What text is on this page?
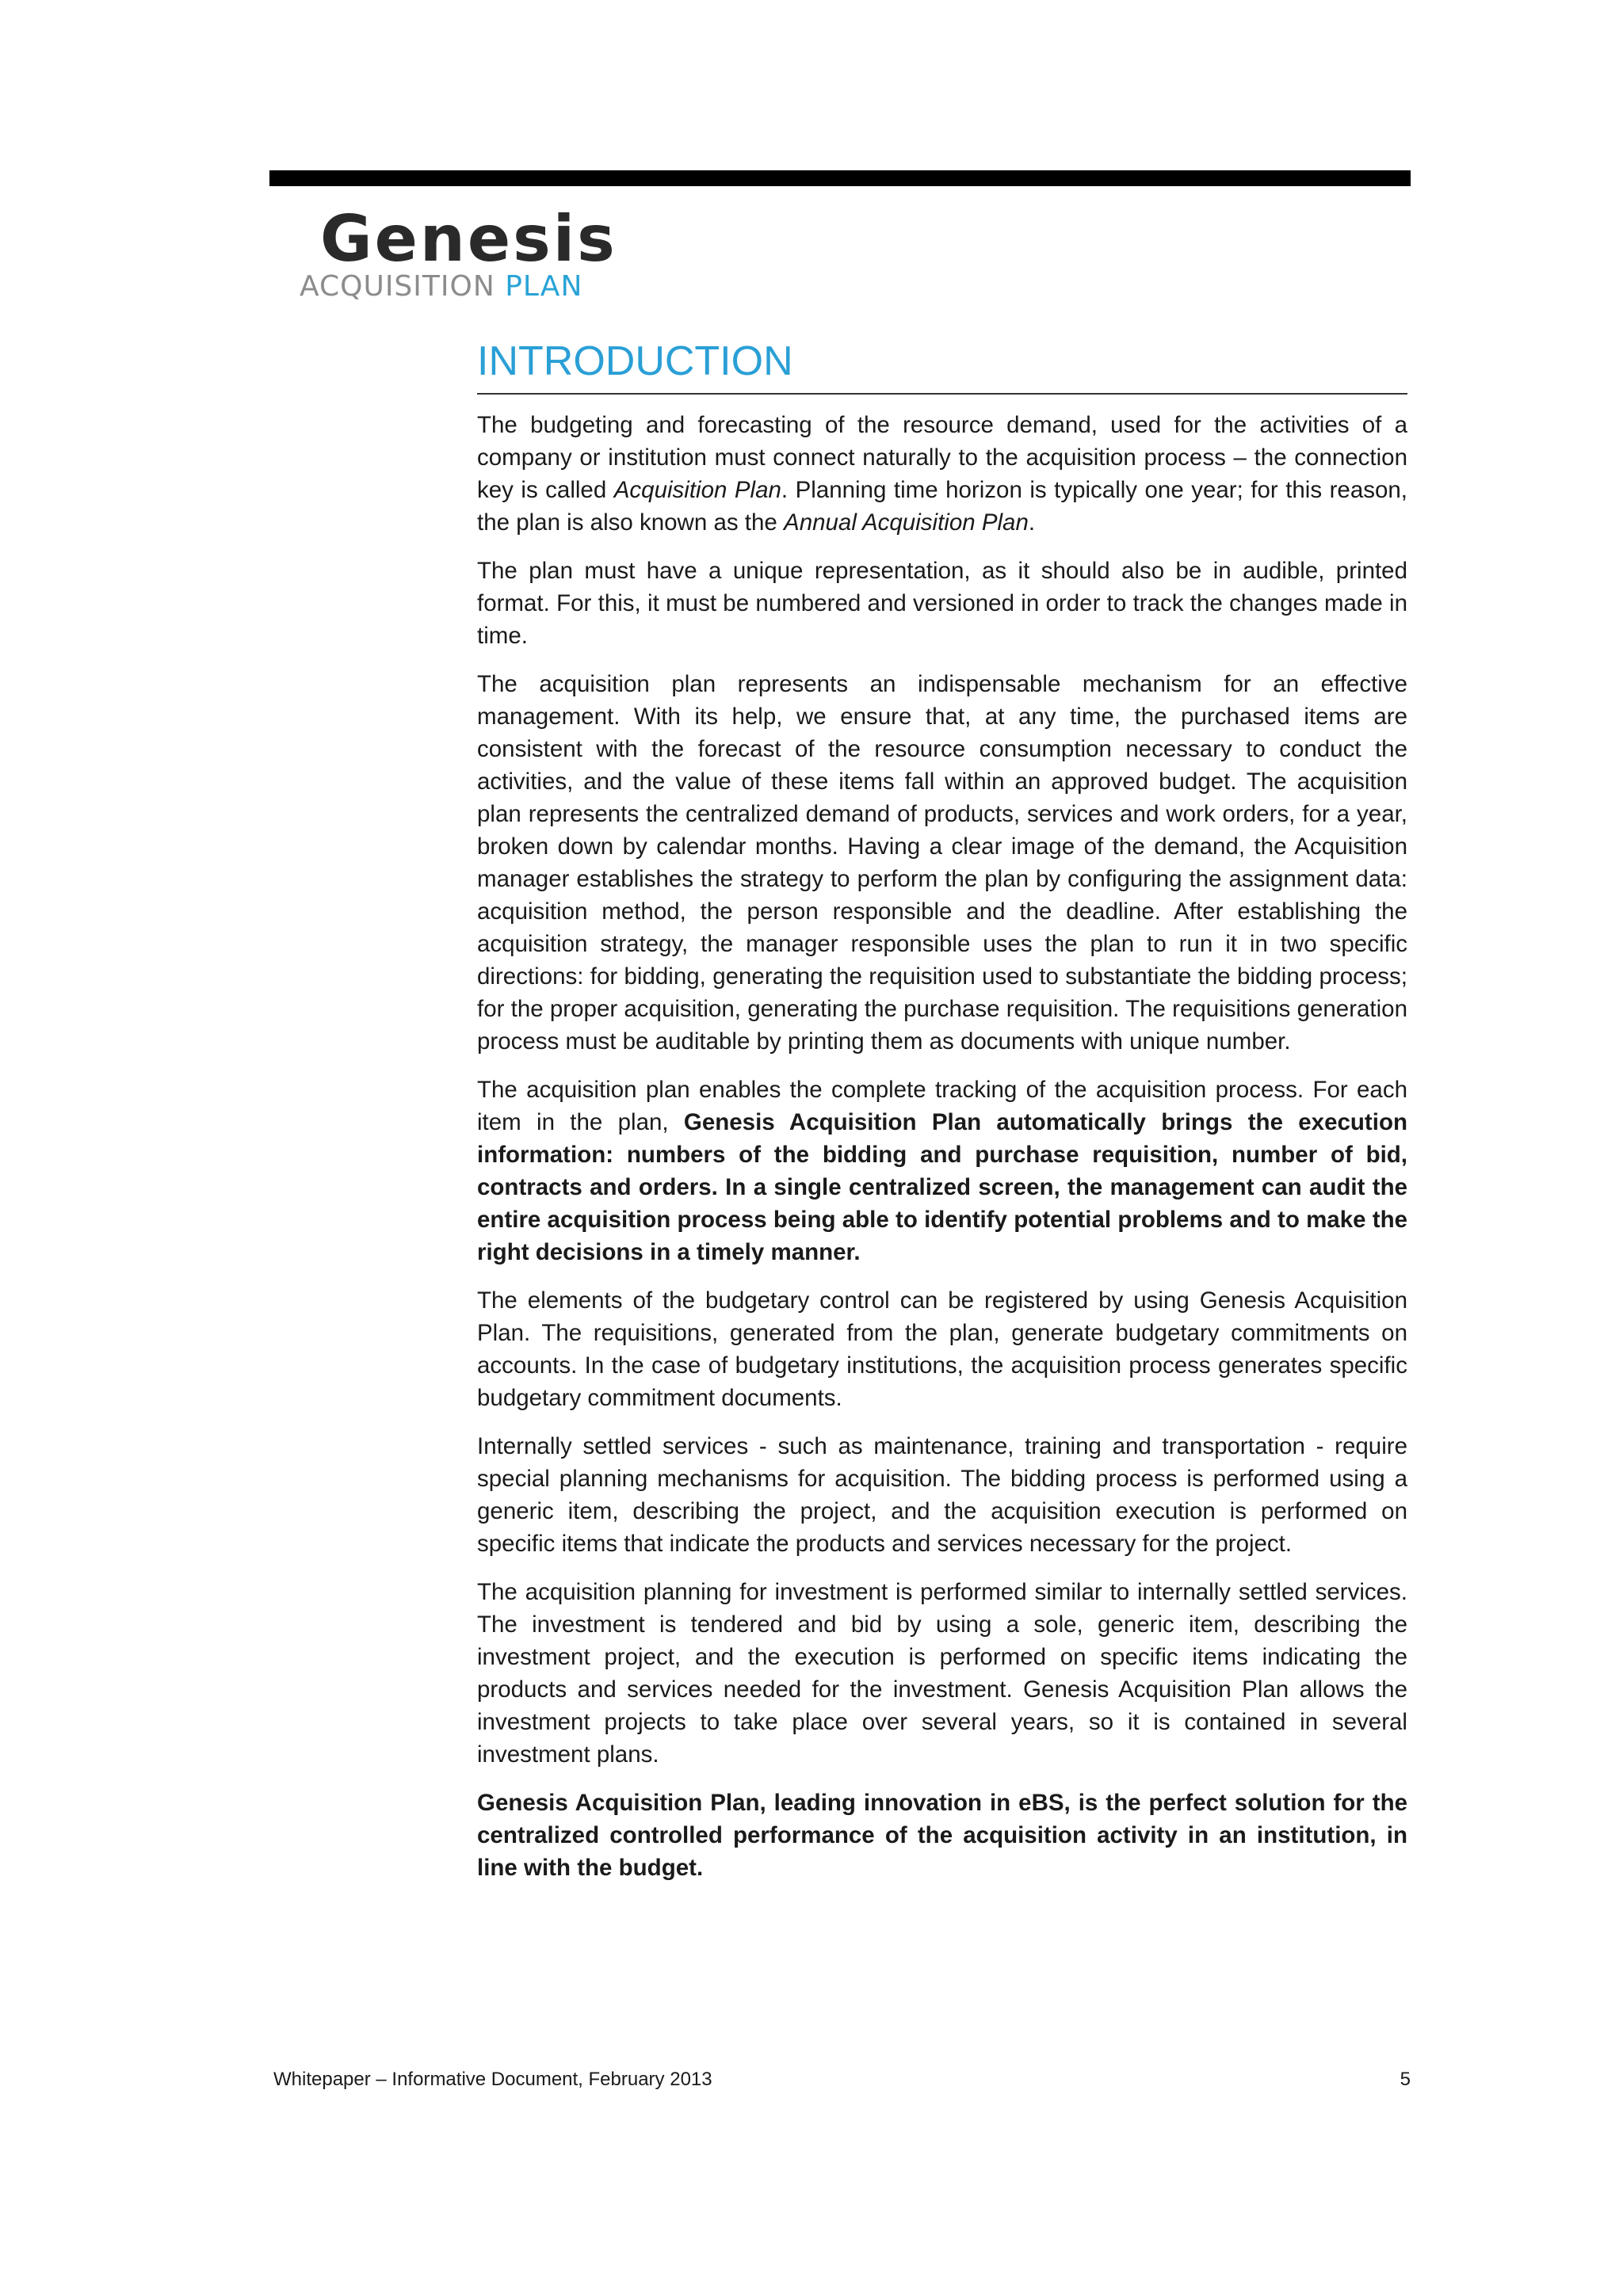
Genesis
ACQUISITION PLAN
INTRODUCTION

The budgeting and forecasting of the resource demand, used for the activities of a company or institution must connect naturally to the acquisition process – the connection key is called Acquisition Plan. Planning time horizon is typically one year; for this reason, the plan is also known as the Annual Acquisition Plan.

The plan must have a unique representation, as it should also be in audible, printed format. For this, it must be numbered and versioned in order to track the changes made in time.

The acquisition plan represents an indispensable mechanism for an effective management. With its help, we ensure that, at any time, the purchased items are consistent with the forecast of the resource consumption necessary to conduct the activities, and the value of these items fall within an approved budget. The acquisition plan represents the centralized demand of products, services and work orders, for a year, broken down by calendar months. Having a clear image of the demand, the Acquisition manager establishes the strategy to perform the plan by configuring the assignment data: acquisition method, the person responsible and the deadline. After establishing the acquisition strategy, the manager responsible uses the plan to run it in two specific directions: for bidding, generating the requisition used to substantiate the bidding process; for the proper acquisition, generating the purchase requisition. The requisitions generation process must be auditable by printing them as documents with unique number.

The acquisition plan enables the complete tracking of the acquisition process. For each item in the plan, Genesis Acquisition Plan automatically brings the execution information: numbers of the bidding and purchase requisition, number of bid, contracts and orders. In a single centralized screen, the management can audit the entire acquisition process being able to identify potential problems and to make the right decisions in a timely manner.

The elements of the budgetary control can be registered by using Genesis Acquisition Plan. The requisitions, generated from the plan, generate budgetary commitments on accounts. In the case of budgetary institutions, the acquisition process generates specific budgetary commitment documents.

Internally settled services - such as maintenance, training and transportation - require special planning mechanisms for acquisition. The bidding process is performed using a generic item, describing the project, and the acquisition execution is performed on specific items that indicate the products and services necessary for the project.

The acquisition planning for investment is performed similar to internally settled services. The investment is tendered and bid by using a sole, generic item, describing the investment project, and the execution is performed on specific items indicating the products and services needed for the investment. Genesis Acquisition Plan allows the investment projects to take place over several years, so it is contained in several investment plans.

Genesis Acquisition Plan, leading innovation in eBS, is the perfect solution for the centralized controlled performance of the acquisition activity in an institution, in line with the budget.

Whitepaper – Informative Document, February 2013	5
